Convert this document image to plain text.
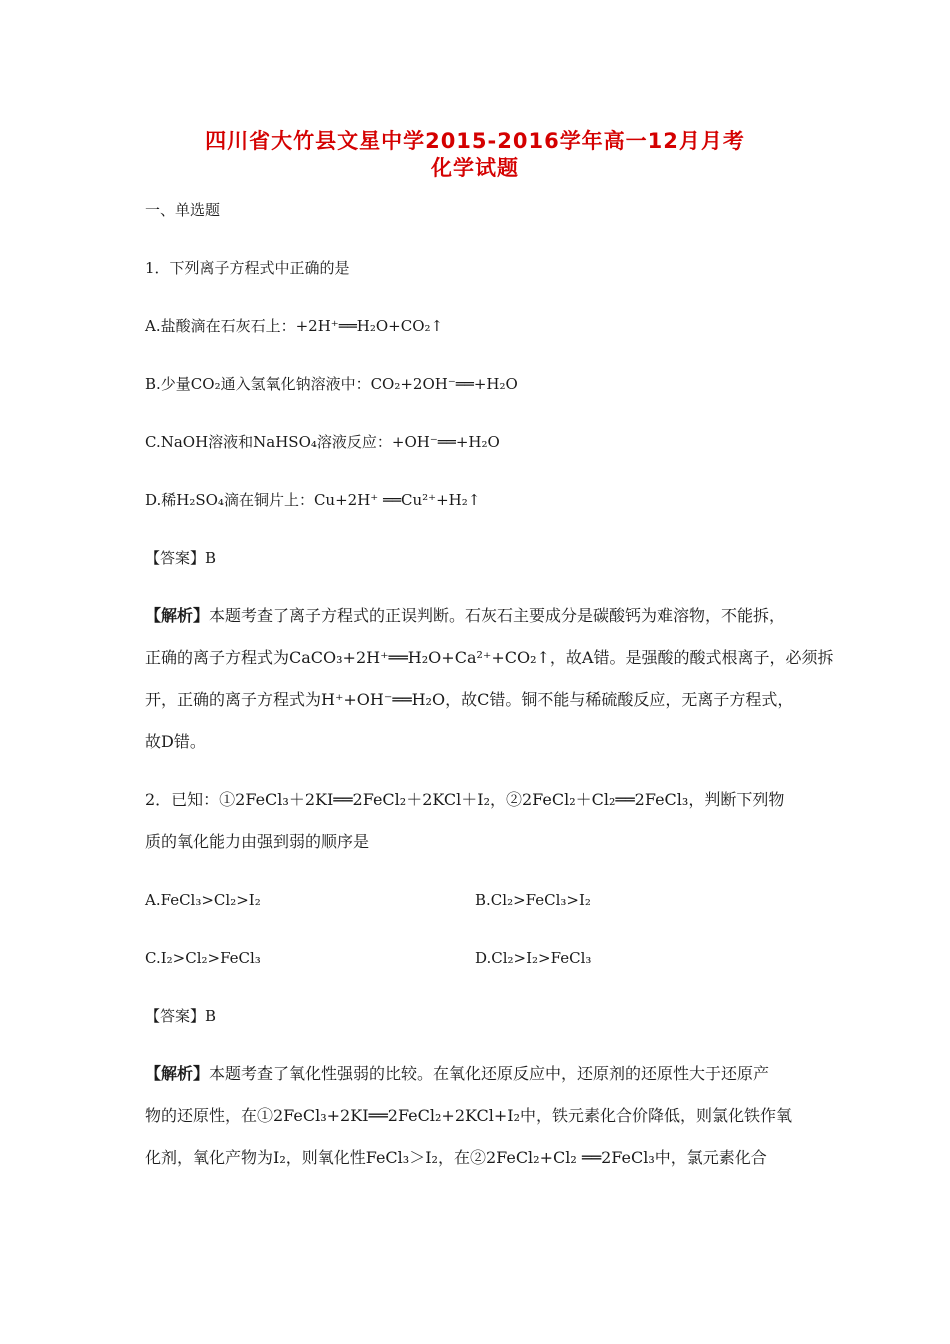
四川省大竹县文星中学2015-2016学年高一12月月考
化学试题
一、单选题
1．下列离子方程式中正确的是
A.盐酸滴在石灰石上：+2H⁺══H₂O+CO₂↑
B.少量CO₂通入氢氧化钠溶液中：CO₂+2OH⁻══+H₂O
C.NaOH溶液和NaHSO₄溶液反应：+OH⁻══+H₂O
D.稀H₂SO₄滴在铜片上：Cu+2H⁺ ══Cu²⁺+H₂↑
【答案】B
【解析】本题考查了离子方程式的正误判断。石灰石主要成分是碳酸钙为难溶物，不能拆，
正确的离子方程式为CaCO₃+2H⁺══H₂O+Ca²⁺+CO₂↑，故A错。是强酸的酸式根离子，必须拆
开，正确的离子方程式为H⁺+OH⁻══H₂O，故C错。铜不能与稀硫酸反应，无离子方程式，
故D错。
2．已知：①2FeCl₃＋2KI══2FeCl₂＋2KCl＋I₂，②2FeCl₂＋Cl₂══2FeCl₃，判断下列物
质的氧化能力由强到弱的顺序是
A.FeCl₃>Cl₂>I₂	B.Cl₂>FeCl₃>I₂
C.I₂>Cl₂>FeCl₃	D.Cl₂>I₂>FeCl₃
【答案】B
【解析】本题考查了氧化性强弱的比较。在氧化还原反应中，还原剂的还原性大于还原产
物的还原性，在①2FeCl₃+2KI══2FeCl₂+2KCl+I₂中，铁元素化合价降低，则氯化铁作氧
化剂，氧化产物为I₂，则氧化性FeCl₃＞I₂，在②2FeCl₂+Cl₂ ══2FeCl₃中，氯元素化合
